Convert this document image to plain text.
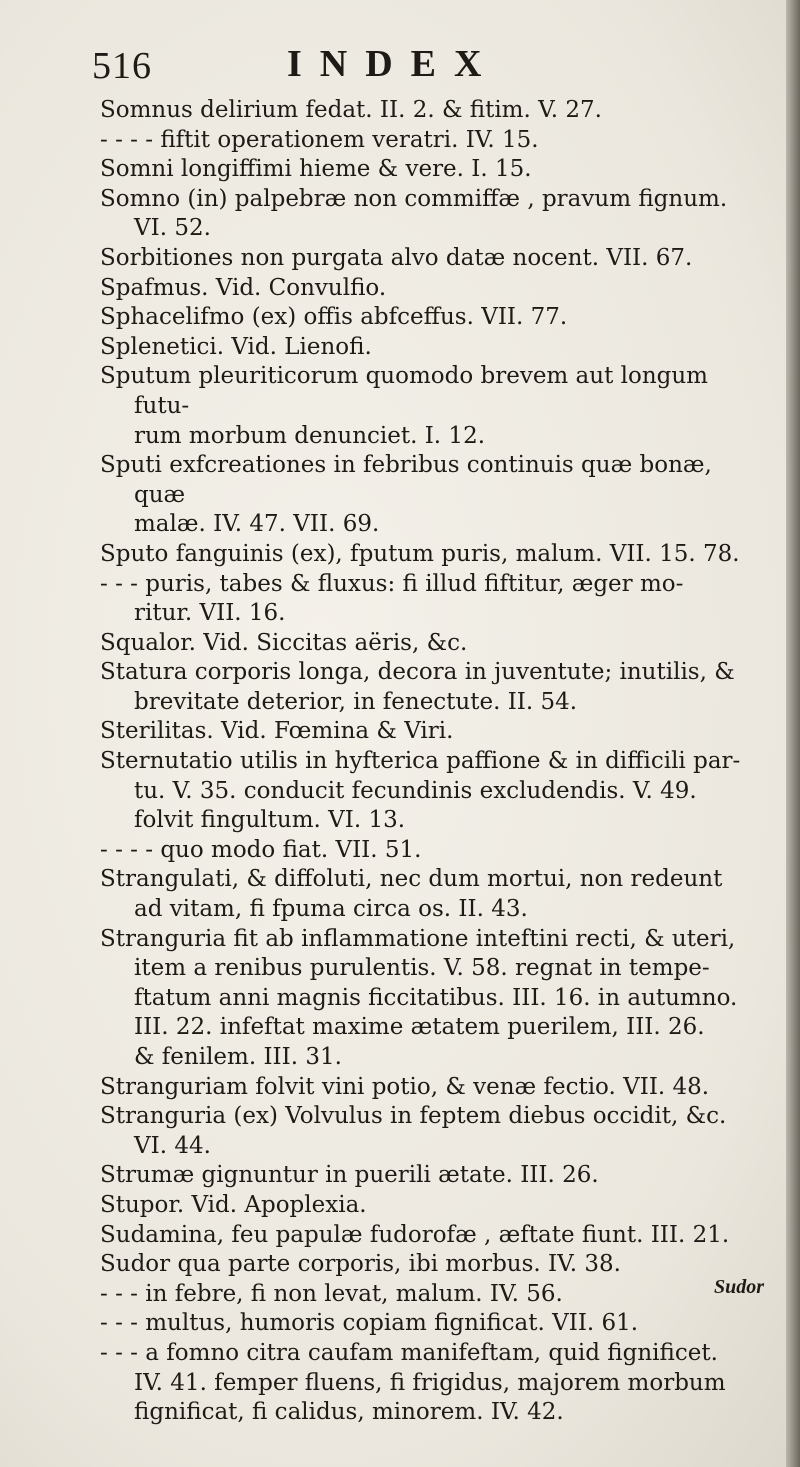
516	INDEX
Somnus delirium fedat. II. 2. & fitim. V. 27.
- - - - fiftit operationem veratri. IV. 15.
Somni longiffimi hieme & vere. I. 15.
Somno (in) palpebræ non commiffæ , pravum fignum.
VI. 52.
Sorbitiones non purgata alvo datæ nocent. VII. 67.
Spafmus. Vid. Convulfio.
Sphacelifmo (ex) offis abfceffus. VII. 77.
Splenetici. Vid. Lienofi.
Sputum pleuriticorum quomodo brevem aut longum futu-
rum morbum denunciet. I. 12.
Sputi exfcreationes in febribus continuis quæ bonæ, quæ
malæ. IV. 47. VII. 69.
Sputo fanguinis (ex), fputum puris, malum. VII. 15. 78.
- - - puris, tabes & fluxus: fi illud fiftitur, æger mo-
ritur. VII. 16.
Squalor. Vid. Siccitas aëris, &c.
Statura corporis longa, decora in juventute; inutilis, &
brevitate deterior, in fenectute. II. 54.
Sterilitas. Vid. Fœmina & Viri.
Sternutatio utilis in hyfterica paffione & in difficili par-
tu. V. 35. conducit fecundinis excludendis. V. 49.
folvit fingultum. VI. 13.
- - - - quo modo fiat. VII. 51.
Strangulati, & diffoluti, nec dum mortui, non redeunt
ad vitam, fi fpuma circa os. II. 43.
Stranguria fit ab inflammatione inteftini recti, & uteri,
item a renibus purulentis. V. 58. regnat in tempe-
ftatum anni magnis ficcitatibus. III. 16. in autumno.
III. 22. infeftat maxime ætatem puerilem, III. 26.
& fenilem. III. 31.
Stranguriam folvit vini potio, & venæ fectio. VII. 48.
Stranguria (ex) Volvulus in feptem diebus occidit, &c.
VI. 44.
Strumæ gignuntur in puerili ætate. III. 26.
Stupor. Vid. Apoplexia.
Sudamina, feu papulæ fudorofæ , æftate fiunt. III. 21.
Sudor qua parte corporis, ibi morbus. IV. 38.
- - - in febre, fi non levat, malum. IV. 56.
- - - multus, humoris copiam fignificat. VII. 61.
- - - a fomno citra caufam manifeftam, quid fignificet.
IV. 41. femper fluens, fi frigidus, majorem morbum
fignificat, fi calidus, minorem. IV. 42.
Sudor
